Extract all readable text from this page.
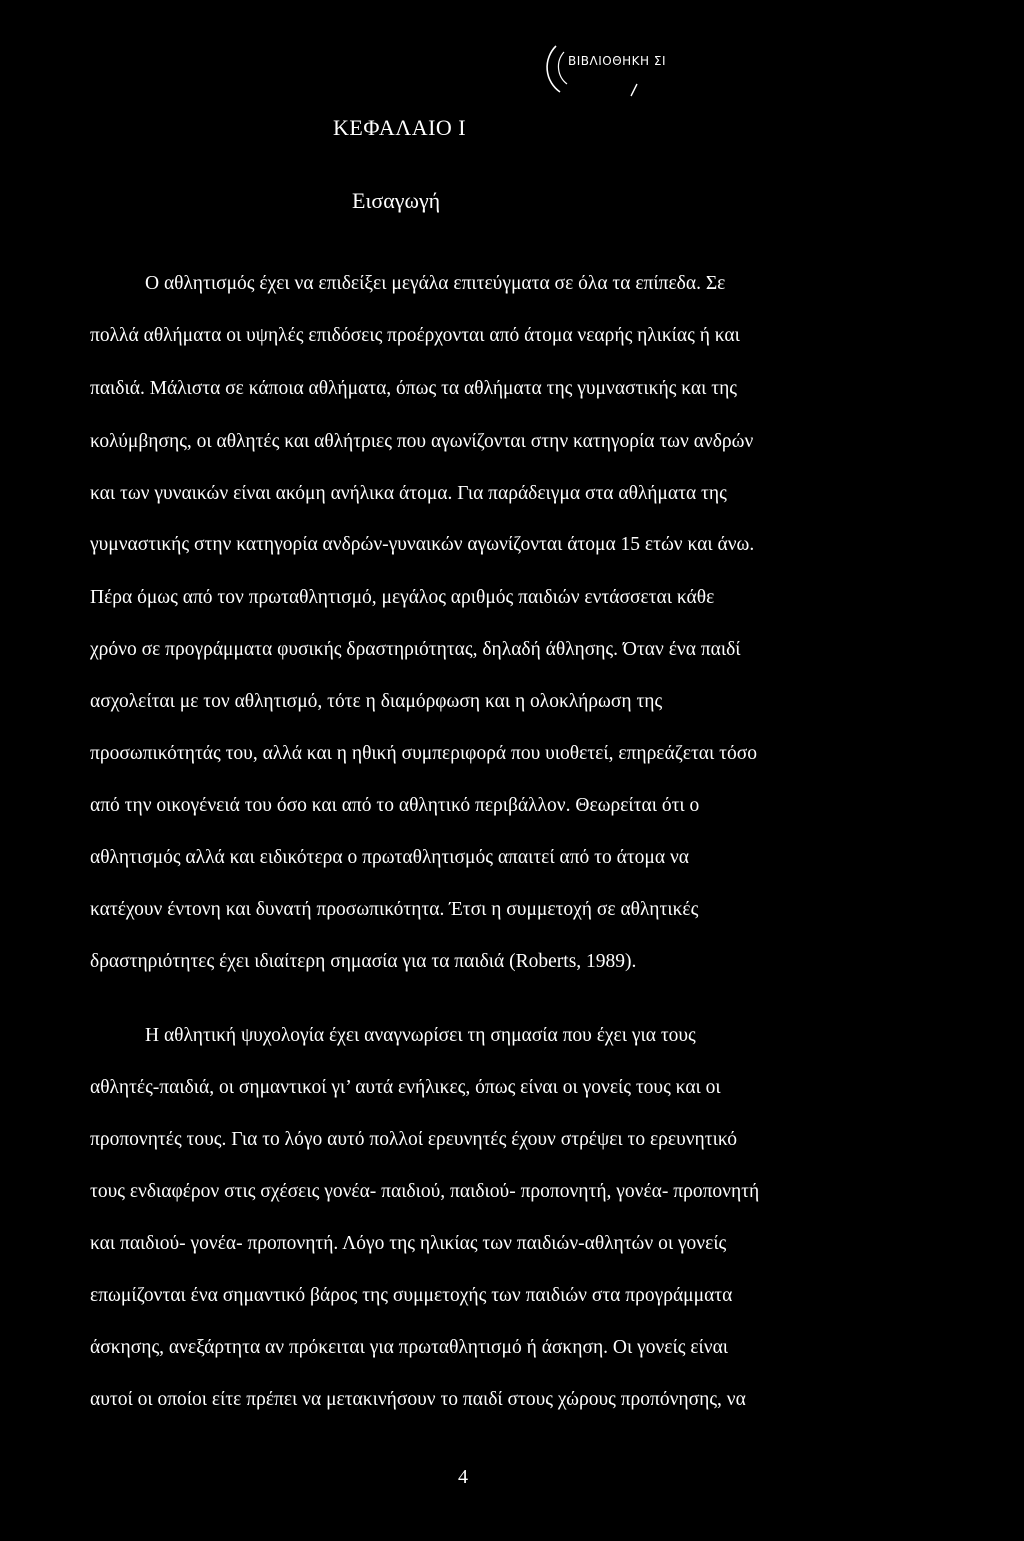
ΒΙΒΛΙΟΘΗΚΗ ΣΙ
ΚΕΦΑΛΑΙΟ Ι
Εισαγωγή
Ο αθλητισμός έχει να επιδείξει μεγάλα επιτεύγματα σε όλα τα επίπεδα. Σε
πολλά αθλήματα οι υψηλές επιδόσεις προέρχονται από άτομα νεαρής ηλικίας ή και
παιδιά. Μάλιστα σε κάποια αθλήματα, όπως τα αθλήματα της γυμναστικής και της
κολύμβησης, οι αθλητές και αθλήτριες που αγωνίζονται στην κατηγορία των ανδρών
και των γυναικών είναι ακόμη ανήλικα άτομα. Για παράδειγμα στα αθλήματα της
γυμναστικής στην κατηγορία ανδρών-γυναικών αγωνίζονται άτομα 15 ετών και άνω.
Πέρα όμως από τον πρωταθλητισμό, μεγάλος αριθμός παιδιών εντάσσεται κάθε
χρόνο σε προγράμματα φυσικής δραστηριότητας, δηλαδή άθλησης. Όταν ένα παιδί
ασχολείται με τον αθλητισμό, τότε η διαμόρφωση και η ολοκλήρωση της
προσωπικότητάς του, αλλά και η ηθική συμπεριφορά που υιοθετεί, επηρεάζεται τόσο
από την οικογένειά του όσο και από το αθλητικό περιβάλλον. Θεωρείται ότι ο
αθλητισμός αλλά και ειδικότερα ο πρωταθλητισμός απαιτεί από το άτομα να
κατέχουν έντονη και δυνατή προσωπικότητα. Έτσι η συμμετοχή σε αθλητικές
δραστηριότητες έχει ιδιαίτερη σημασία για τα παιδιά (Roberts, 1989).
Η αθλητική ψυχολογία έχει αναγνωρίσει τη σημασία που έχει για τους
αθλητές-παιδιά, οι σημαντικοί γι’ αυτά ενήλικες, όπως είναι οι γονείς τους και οι
προπονητές τους. Για το λόγο αυτό πολλοί ερευνητές έχουν στρέψει το ερευνητικό
τους ενδιαφέρον στις σχέσεις γονέα- παιδιού, παιδιού- προπονητή, γονέα- προπονητή
και παιδιού- γονέα- προπονητή. Λόγο της ηλικίας των παιδιών-αθλητών οι γονείς
επωμίζονται ένα σημαντικό βάρος της συμμετοχής των παιδιών στα προγράμματα
άσκησης, ανεξάρτητα αν πρόκειται για πρωταθλητισμό ή άσκηση. Οι γονείς είναι
αυτοί οι οποίοι είτε πρέπει να μετακινήσουν το παιδί στους χώρους προπόνησης, να
4
